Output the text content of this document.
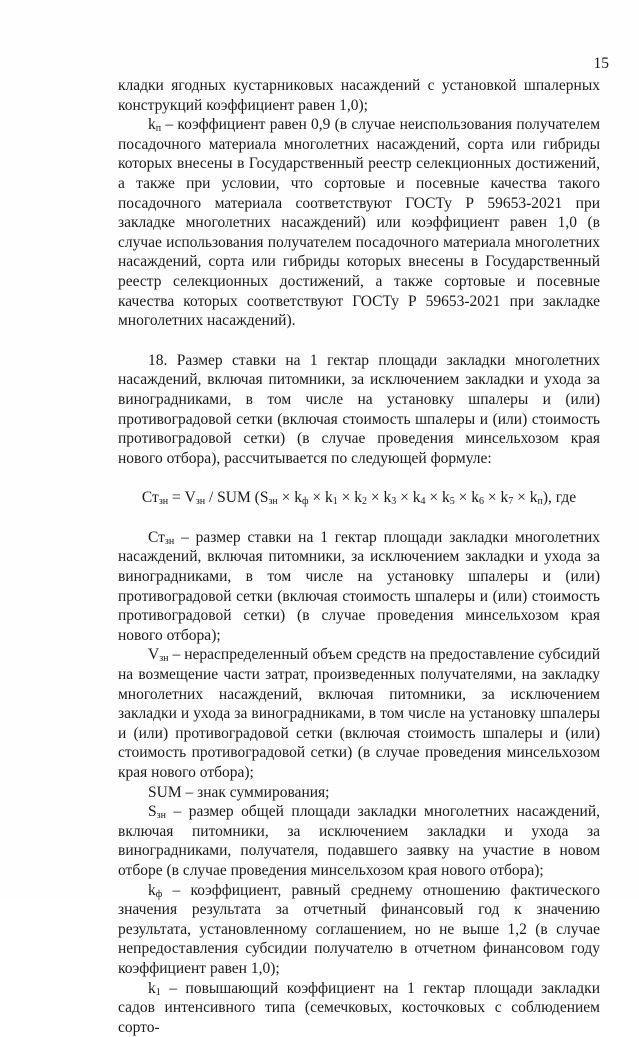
15

кладки ягодных кустарниковых насаждений с установкой шпалерных конструкций коэффициент равен 1,0);

$k_п$ – коэффициент равен 0,9 (в случае неиспользования получателем посадочного материала многолетних насаждений, сорта или гибриды которых внесены в Государственный реестр селекционных достижений, а также при условии, что сортовые и посевные качества такого посадочного материала соответствуют ГОСТу Р 59653-2021 при закладке многолетних насаждений) или коэффициент равен 1,0 (в случае использования получателем посадочного материала многолетних насаждений, сорта или гибриды которых внесены в Государственный реестр селекционных достижений, а также сортовые и посевные качества которых соответствуют ГОСТу Р 59653-2021 при закладке многолетних насаждений).

18. Размер ставки на 1 гектар площади закладки многолетних насаждений, включая питомники, за исключением закладки и ухода за виноградниками, в том числе на установку шпалеры и (или) противоградовой сетки (включая стоимость шпалеры и (или) стоимость противоградовой сетки) (в случае проведения минсельхозом края нового отбора), рассчитывается по следующей формуле:

$Ст_{зн} = V_{зн}$ / SUM $(S_{зн} \times k_ф \times k_1 \times k_2 \times k_3 \times k_4 \times k_5 \times k_6 \times k_7 \times k_п)$, где

$Ст_{зн}$ – размер ставки на 1 гектар площади закладки многолетних насаждений, включая питомники, за исключением закладки и ухода за виноградниками, в том числе на установку шпалеры и (или) противоградовой сетки (включая стоимость шпалеры и (или) стоимость противоградовой сетки) (в случае проведения минсельхозом края нового отбора);

$V_{зн}$ – нераспределенный объем средств на предоставление субсидий на возмещение части затрат, произведенных получателями, на закладку многолетних насаждений, включая питомники, за исключением закладки и ухода за виноградниками, в том числе на установку шпалеры и (или) противоградовой сетки (включая стоимость шпалеры и (или) стоимость противоградовой сетки) (в случае проведения минсельхозом края нового отбора);

SUM – знак суммирования;

$S_{зн}$ – размер общей площади закладки многолетних насаждений, включая питомники, за исключением закладки и ухода за виноградниками, получателя, подавшего заявку на участие в новом отборе (в случае проведения минсельхозом края нового отбора);

$k_ф$ – коэффициент, равный среднему отношению фактического значения результата за отчетный финансовый год к значению результата, установленному соглашением, но не выше 1,2 (в случае непредоставления субсидии получателю в отчетном финансовом году коэффициент равен 1,0);

$k_1$ – повышающий коэффициент на 1 гектар площади закладки садов интенсивного типа (семечковых, косточковых с соблюдением сорто-
